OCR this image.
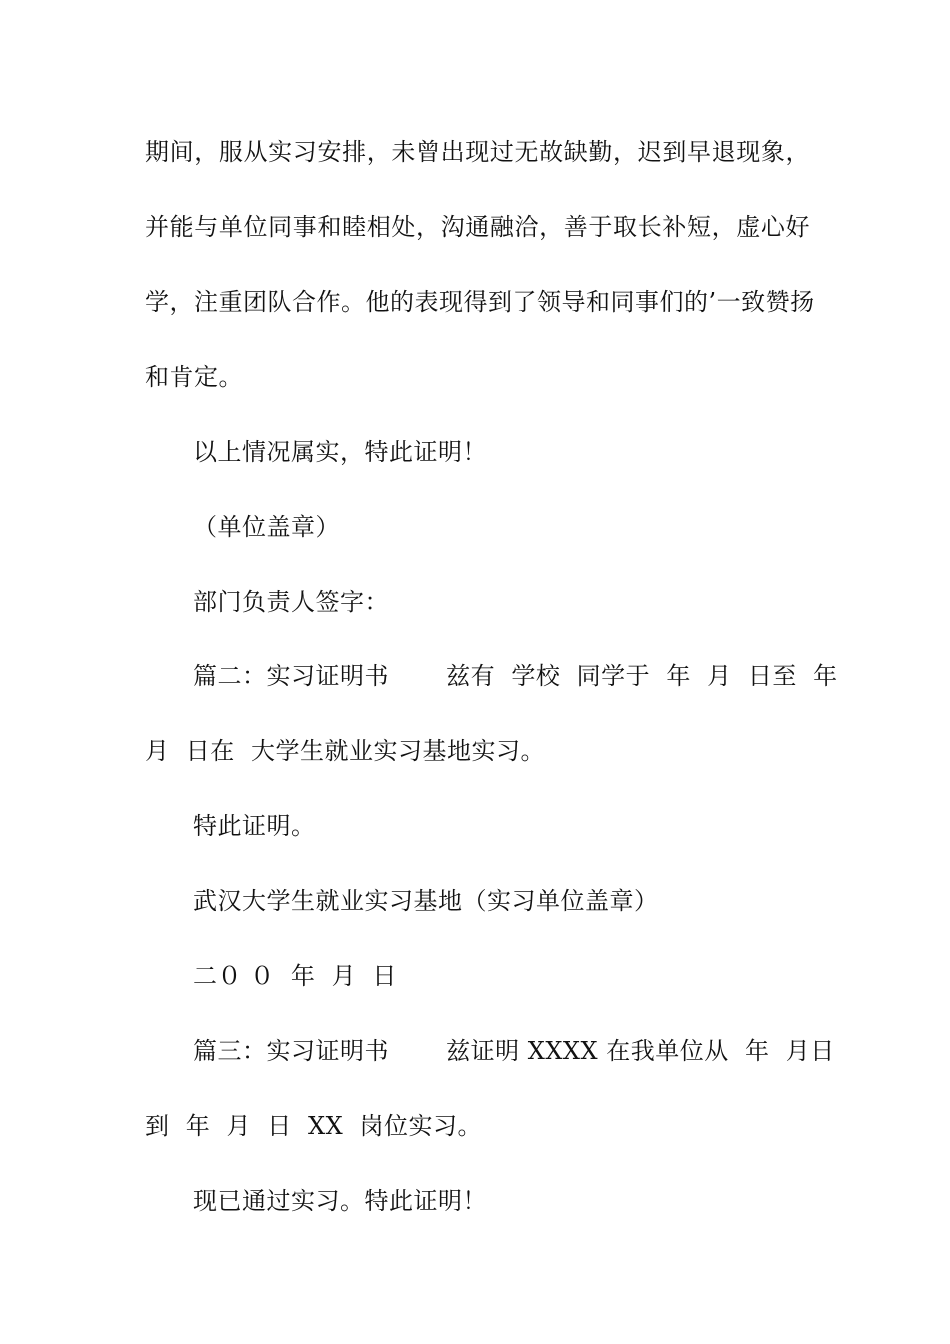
期间，服从实习安排，未曾出现过无故缺勤，迟到早退现象，
并能与单位同事和睦相处，沟通融洽，善于取长补短，虚心好
学，注重团队合作。他的表现得到了领导和同事们的’一致赞扬
和肯定。
以上情况属实，特此证明！
（单位盖章）
部门负责人签字：
篇二：实习证明书　　 兹有  学校  同学于  年  月  日至  年
月  日在  大学生就业实习基地实习。
特此证明。
武汉大学生就业实习基地（实习单位盖章）
二０ ０  年  月  日
篇三：实习证明书　　 兹证明 XXXX 在我单位从  年  月日
到  年  月  日  XX  岗位实习。
现已通过实习。特此证明！
